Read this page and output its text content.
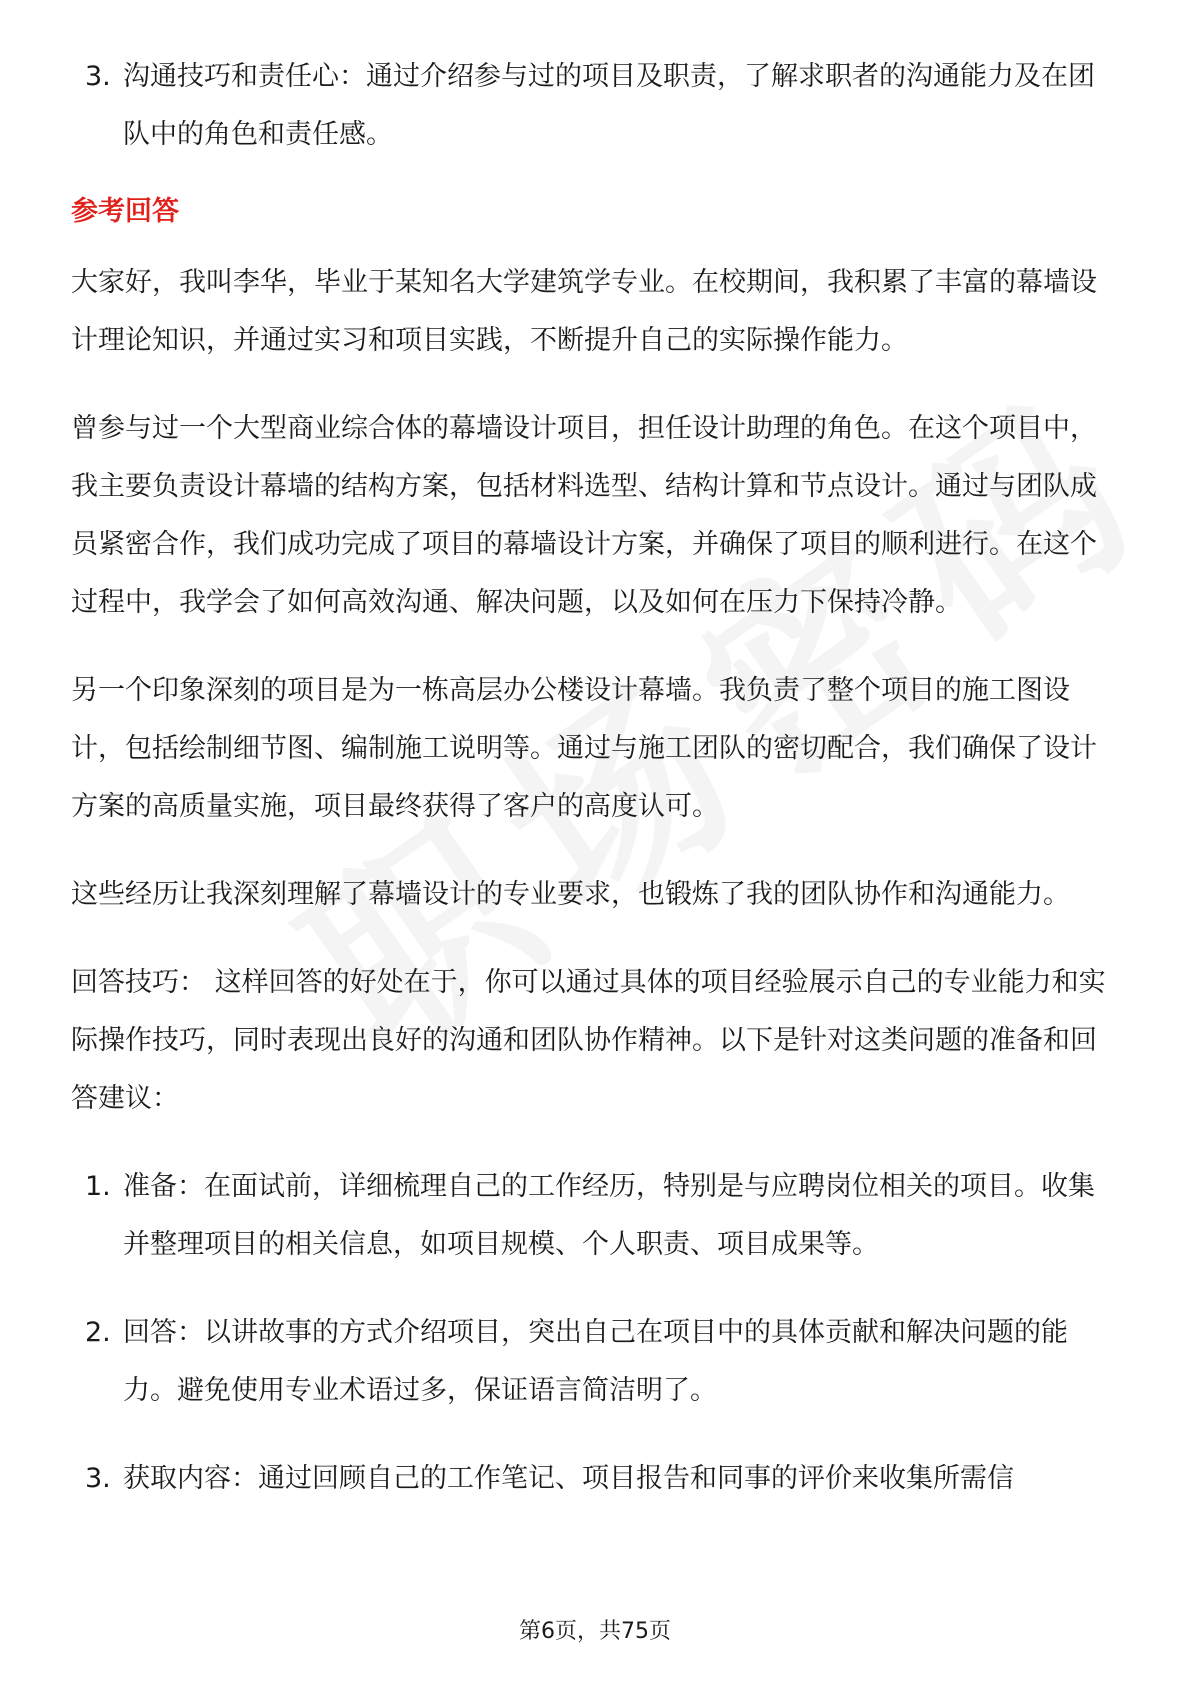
3. 沟通技巧和责任心：通过介绍参与过的项目及职责，了解求职者的沟通能力及在团队中的角色和责任感。
参考回答

大家好，我叫李华，毕业于某知名大学建筑学专业。在校期间，我积累了丰富的幕墙设计理论知识，并通过实习和项目实践，不断提升自己的实际操作能力。

曾参与过一个大型商业综合体的幕墙设计项目，担任设计助理的角色。在这个项目中，我主要负责设计幕墙的结构方案，包括材料选型、结构计算和节点设计。通过与团队成员紧密合作，我们成功完成了项目的幕墙设计方案，并确保了项目的顺利进行。在这个过程中，我学会了如何高效沟通、解决问题，以及如何在压力下保持冷静。

另一个印象深刻的项目是为一栋高层办公楼设计幕墙。我负责了整个项目的施工图设计，包括绘制细节图、编制施工说明等。通过与施工团队的密切配合，我们确保了设计方案的高质量实施，项目最终获得了客户的高度认可。

这些经历让我深刻理解了幕墙设计的专业要求，也锻炼了我的团队协作和沟通能力。

回答技巧： 这样回答的好处在于，你可以通过具体的项目经验展示自己的专业能力和实际操作技巧，同时表现出良好的沟通和团队协作精神。以下是针对这类问题的准备和回答建议：

1. 准备：在面试前，详细梳理自己的工作经历，特别是与应聘岗位相关的项目。收集并整理项目的相关信息，如项目规模、个人职责、项目成果等。
2. 回答：以讲故事的方式介绍项目，突出自己在项目中的具体贡献和解决问题的能力。避免使用专业术语过多，保证语言简洁明了。
3. 获取内容：通过回顾自己的工作笔记、项目报告和同事的评价来收集所需信
第6页，共75页
